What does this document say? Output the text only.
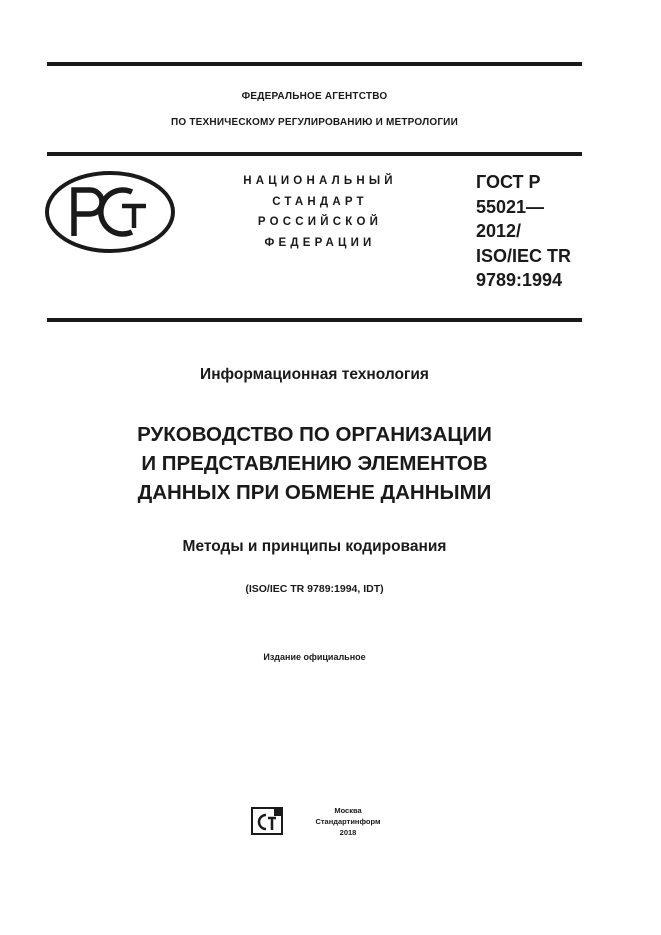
ФЕДЕРАЛЬНОЕ АГЕНТСТВО
ПО ТЕХНИЧЕСКОМУ РЕГУЛИРОВАНИЮ И МЕТРОЛОГИИ
НАЦИОНАЛЬНЫЙ
СТАНДАРТ
РОССИЙСКОЙ
ФЕДЕРАЦИИ
ГОСТ Р
55021—
2012/
ISO/IEC TR
9789:1994
Информационная технология
РУКОВОДСТВО ПО ОРГАНИЗАЦИИ
И ПРЕДСТАВЛЕНИЮ ЭЛЕМЕНТОВ
ДАННЫХ ПРИ ОБМЕНЕ ДАННЫМИ
Методы и принципы кодирования
(ISO/IEC TR 9789:1994, IDT)
Издание официальное
Москва
Стандартинформ
2018
